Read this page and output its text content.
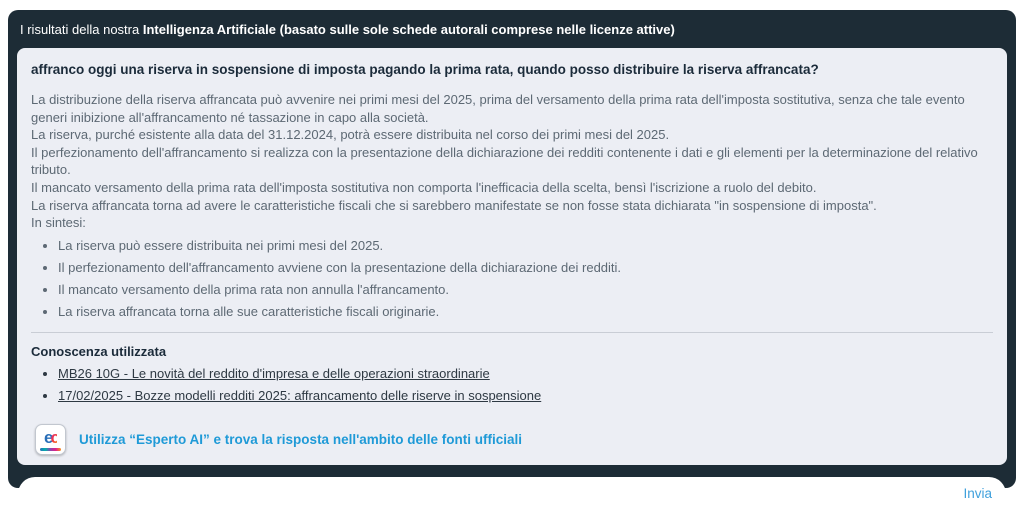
I risultati della nostra Intelligenza Artificiale (basato sulle sole schede autorali comprese nelle licenze attive)
affranco oggi una riserva in sospensione di imposta pagando la prima rata, quando posso distribuire la riserva affrancata?

La distribuzione della riserva affrancata può avvenire nei primi mesi del 2025, prima del versamento della prima rata dell'imposta sostitutiva, senza che tale evento generi inibizione all'affrancamento né tassazione in capo alla società.

La riserva, purché esistente alla data del 31.12.2024, potrà essere distribuita nel corso dei primi mesi del 2025.

Il perfezionamento dell'affrancamento si realizza con la presentazione della dichiarazione dei redditi contenente i dati e gli elementi per la determinazione del relativo tributo.

Il mancato versamento della prima rata dell'imposta sostitutiva non comporta l'inefficacia della scelta, bensì l'iscrizione a ruolo del debito.

La riserva affrancata torna ad avere le caratteristiche fiscali che si sarebbero manifestate se non fosse stata dichiarata "in sospensione di imposta".

In sintesi:

• La riserva può essere distribuita nei primi mesi del 2025.
• Il perfezionamento dell'affrancamento avviene con la presentazione della dichiarazione dei redditi.
• Il mancato versamento della prima rata non annulla l'affrancamento.
• La riserva affrancata torna alle sue caratteristiche fiscali originarie.
Conoscenza utilizzata
• MB26 10G - Le novità del reddito d'impresa e delle operazioni straordinarie
• 17/02/2025 - Bozze modelli redditi 2025: affrancamento delle riserve in sospensione
ec Utilizza “Esperto AI” e trova la risposta nell'ambito delle fonti ufficiali
Invia
